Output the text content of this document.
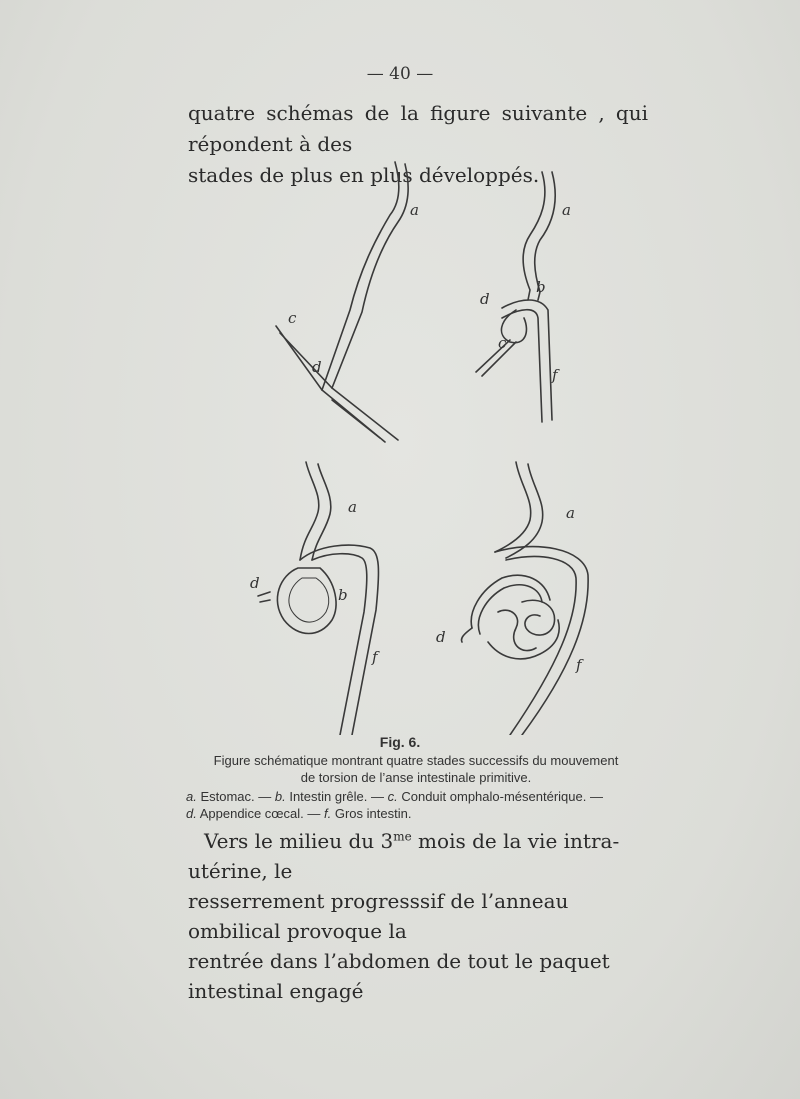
— 40 —
quatre schémas de la figure suivante , qui répondent à des
stades de plus en plus développés.
a
c
d
a
b
d
c
f
a
d
b
f
a
d
f
Fig. 6.
Figure schématique montrant quatre stades successifs du mouvement
de torsion de l’anse intestinale primitive.
a. Estomac. — b. Intestin grêle. — c. Conduit omphalo-mésentérique. —
d. Appendice cœcal. — f. Gros intestin.
Vers le milieu du $3^{me}$ mois de la vie intra-utérine, le
resserrement progresssif de l’anneau ombilical provoque la
rentrée dans l’abdomen de tout le paquet intestinal engagé
